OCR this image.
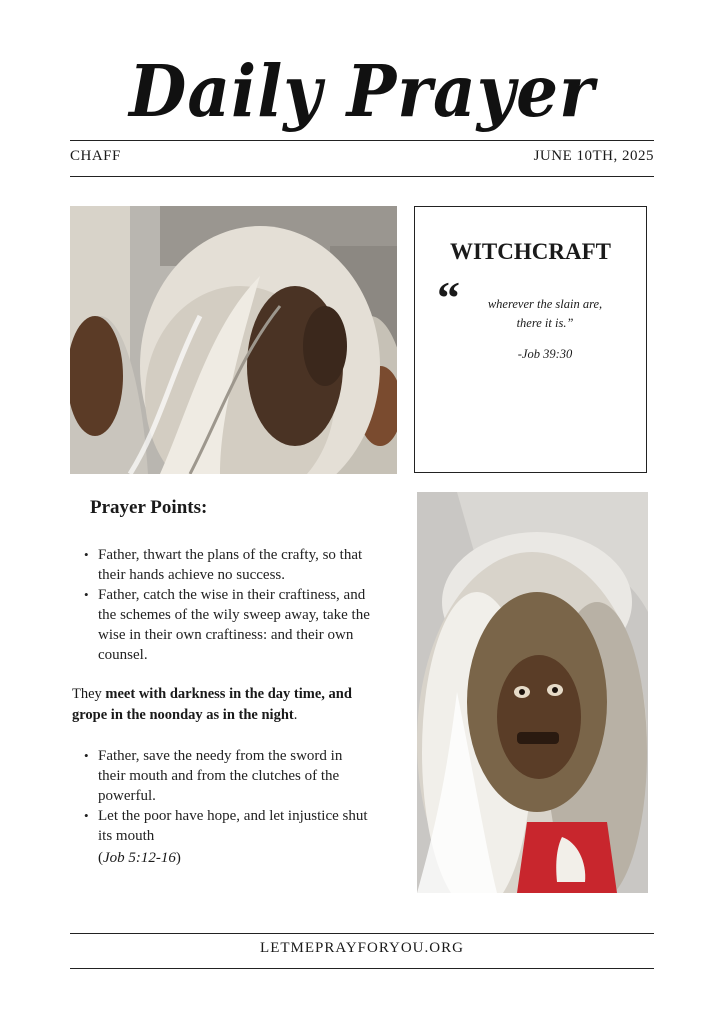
Daily Prayer
CHAFF	JUNE 10TH, 2025
WITCHCRAFT
“	wherever the slain are,
there it is.”
-Job 39:30
Prayer Points:
• Father, thwart the plans of the crafty, so that their hands achieve no success.
• Father, catch the wise in their craftiness, and the schemes of the wily sweep away, take the wise in their own craftiness: and their own counsel.
They meet with darkness in the day time, and grope in the noonday as in the night.
• Father, save the needy from the sword in their mouth and from the clutches of the powerful.
• Let the poor have hope, and let injustice shut its mouth
(Job 5:12-16)
LETMEPRAYFORYOU.ORG
